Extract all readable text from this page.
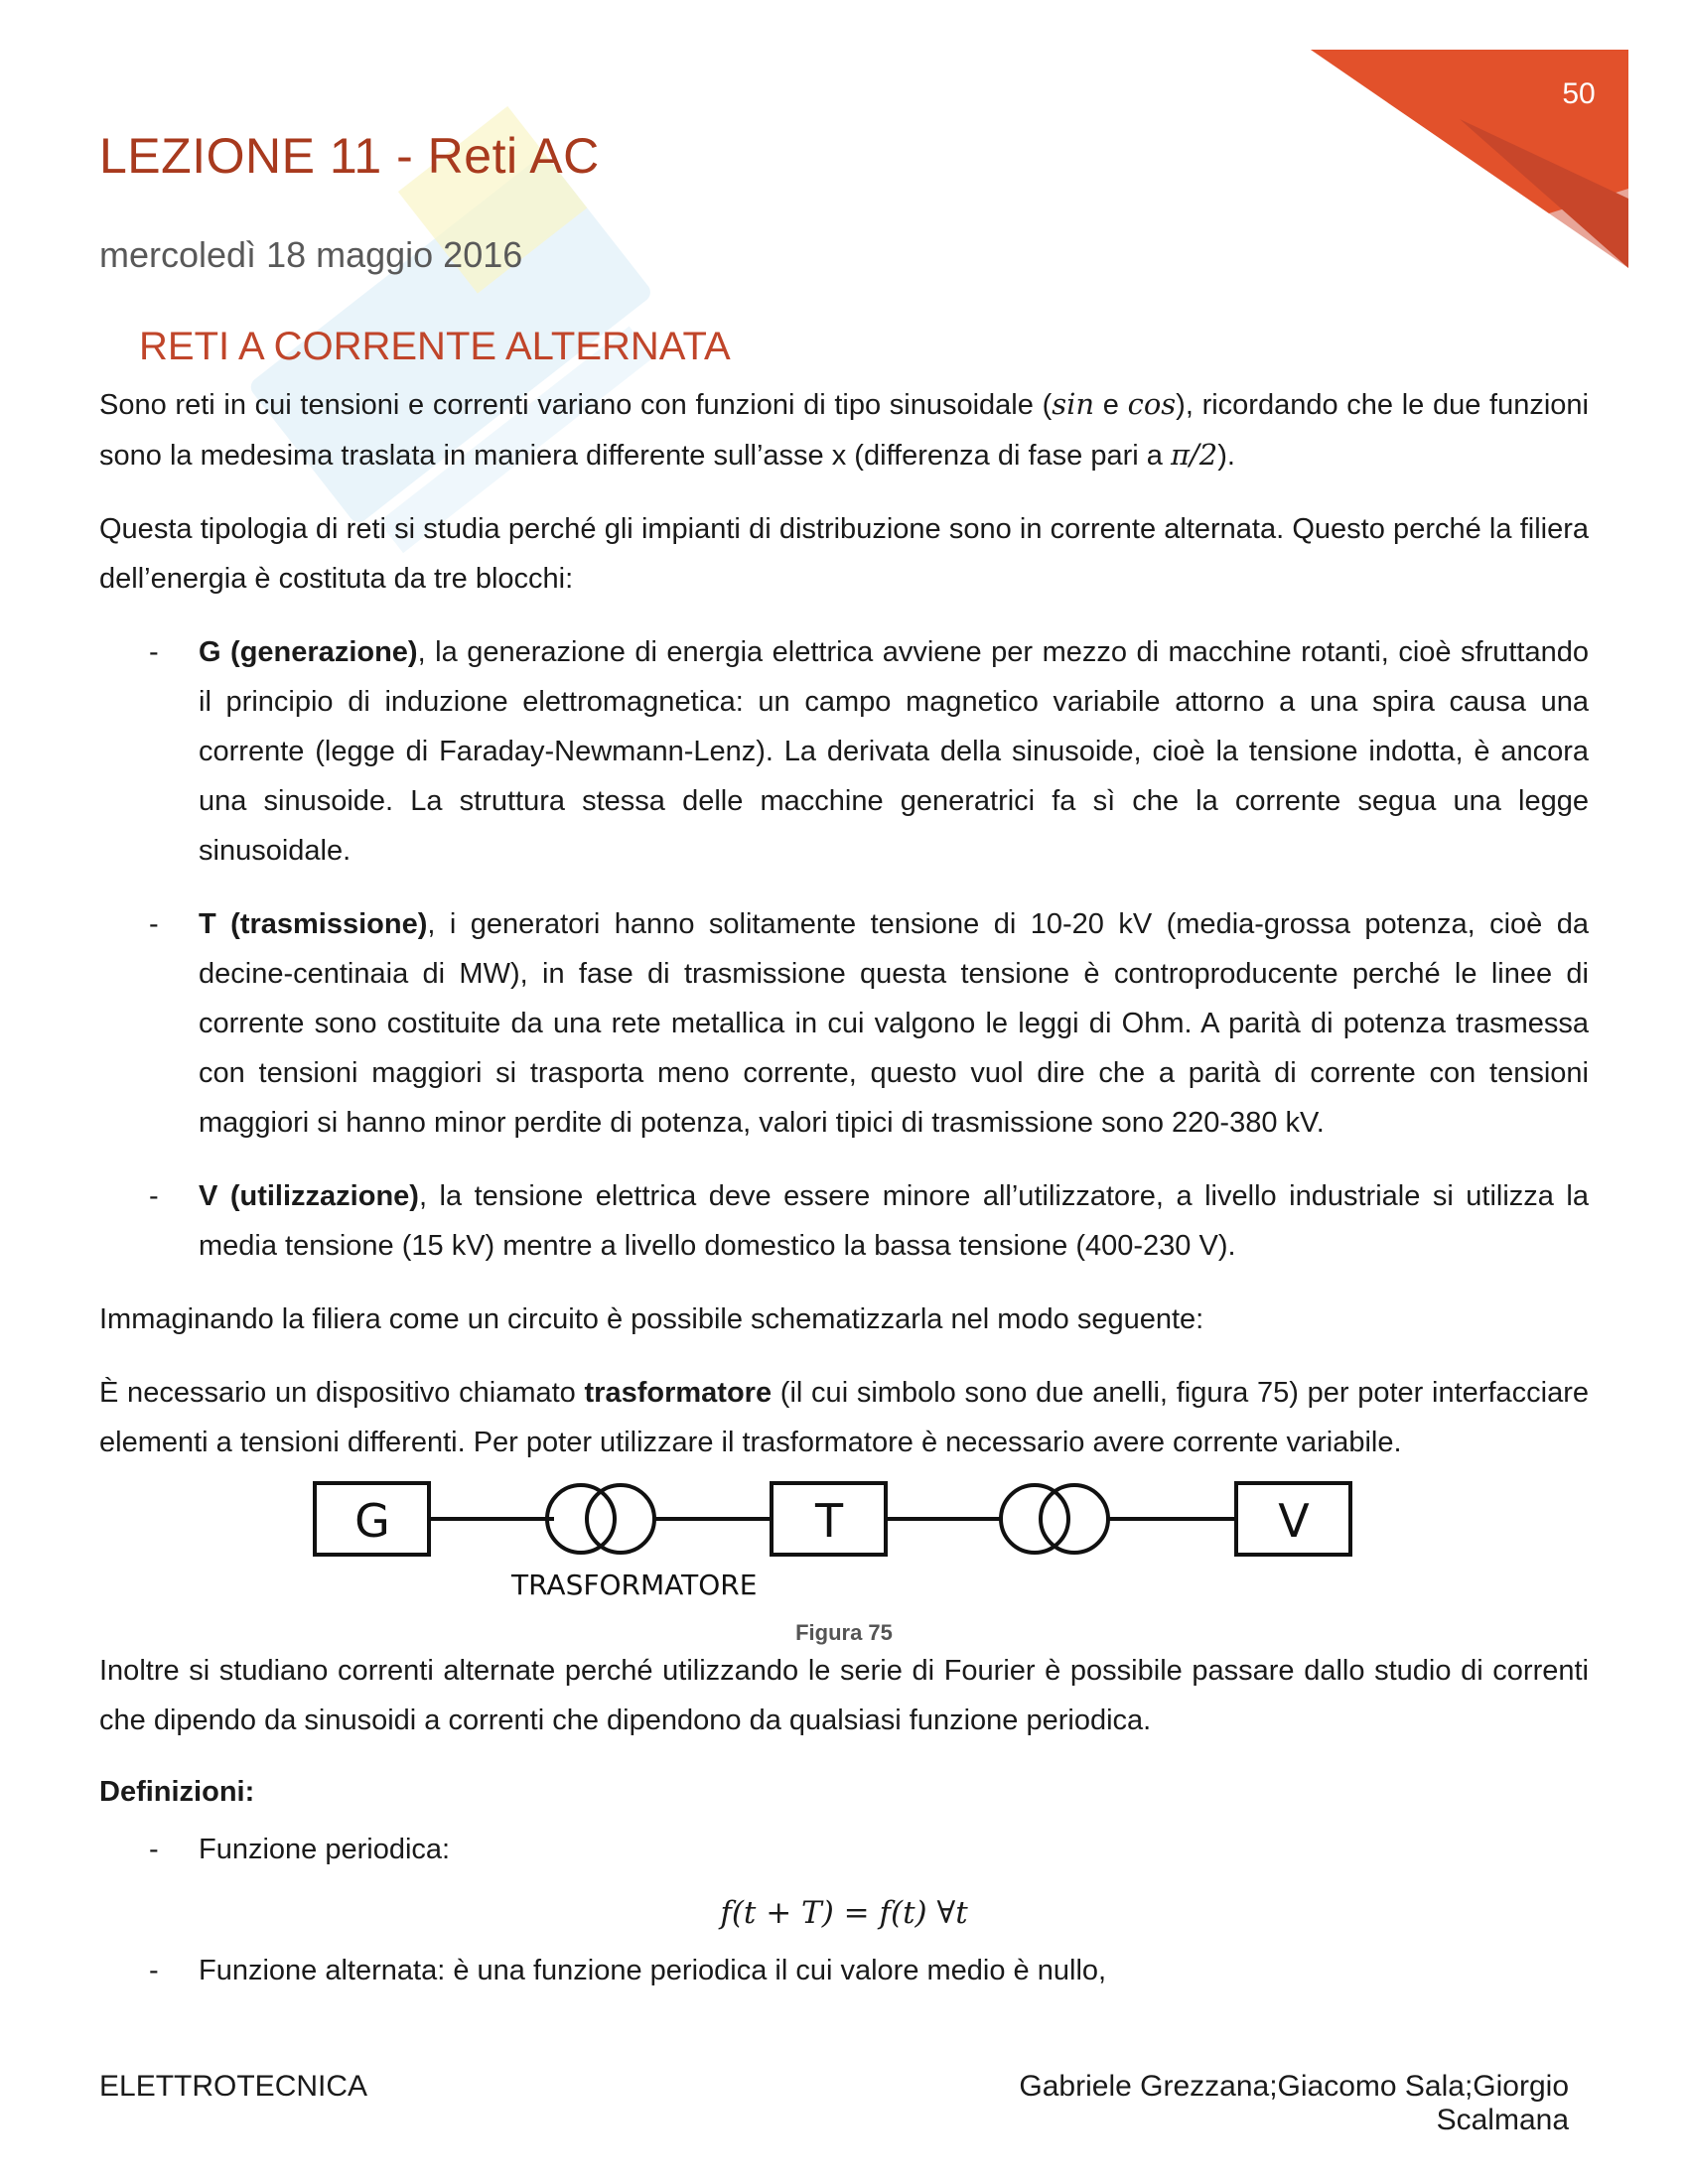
50
LEZIONE 11 - Reti AC
mercoledì 18 maggio 2016
RETI A CORRENTE ALTERNATA

Sono reti in cui tensioni e correnti variano con funzioni di tipo sinusoidale (sin e cos), ricordando che le due funzioni sono la medesima traslata in maniera differente sull’asse x (differenza di fase pari a π/2).

Questa tipologia di reti si studia perché gli impianti di distribuzione sono in corrente alternata. Questo perché la filiera dell’energia è costituta da tre blocchi:

- G (generazione), la generazione di energia elettrica avviene per mezzo di macchine rotanti, cioè sfruttando il principio di induzione elettromagnetica: un campo magnetico variabile attorno a una spira causa una corrente (legge di Faraday-Newmann-Lenz). La derivata della sinusoide, cioè la tensione indotta, è ancora una sinusoide. La struttura stessa delle macchine generatrici fa sì che la corrente segua una legge sinusoidale.
- T (trasmissione), i generatori hanno solitamente tensione di 10-20 kV (media-grossa potenza, cioè da decine-centinaia di MW), in fase di trasmissione questa tensione è controproducente perché le linee di corrente sono costituite da una rete metallica in cui valgono le leggi di Ohm. A parità di potenza trasmessa con tensioni maggiori si trasporta meno corrente, questo vuol dire che a parità di corrente con tensioni maggiori si hanno minor perdite di potenza, valori tipici di trasmissione sono 220-380 kV.
- V (utilizzazione), la tensione elettrica deve essere minore all’utilizzatore, a livello industriale si utilizza la media tensione (15 kV) mentre a livello domestico la bassa tensione (400-230 V).

Immaginando la filiera come un circuito è possibile schematizzarla nel modo seguente:

È necessario un dispositivo chiamato trasformatore (il cui simbolo sono due anelli, figura 75) per poter interfacciare elementi a tensioni differenti. Per poter utilizzare il trasformatore è necessario avere corrente variabile.

G	T	V
TRASFORMATORE
Figura 75

Inoltre si studiano correnti alternate perché utilizzando le serie di Fourier è possibile passare dallo studio di correnti che dipendo da sinusoidi a correnti che dipendono da qualsiasi funzione periodica.

Definizioni:

- Funzione periodica:
f(t + T) = f(t) ∀t
- Funzione alternata: è una funzione periodica il cui valore medio è nullo,
ELETTROTECNICA	Gabriele Grezzana;Giacomo Sala;Giorgio Scalmana
